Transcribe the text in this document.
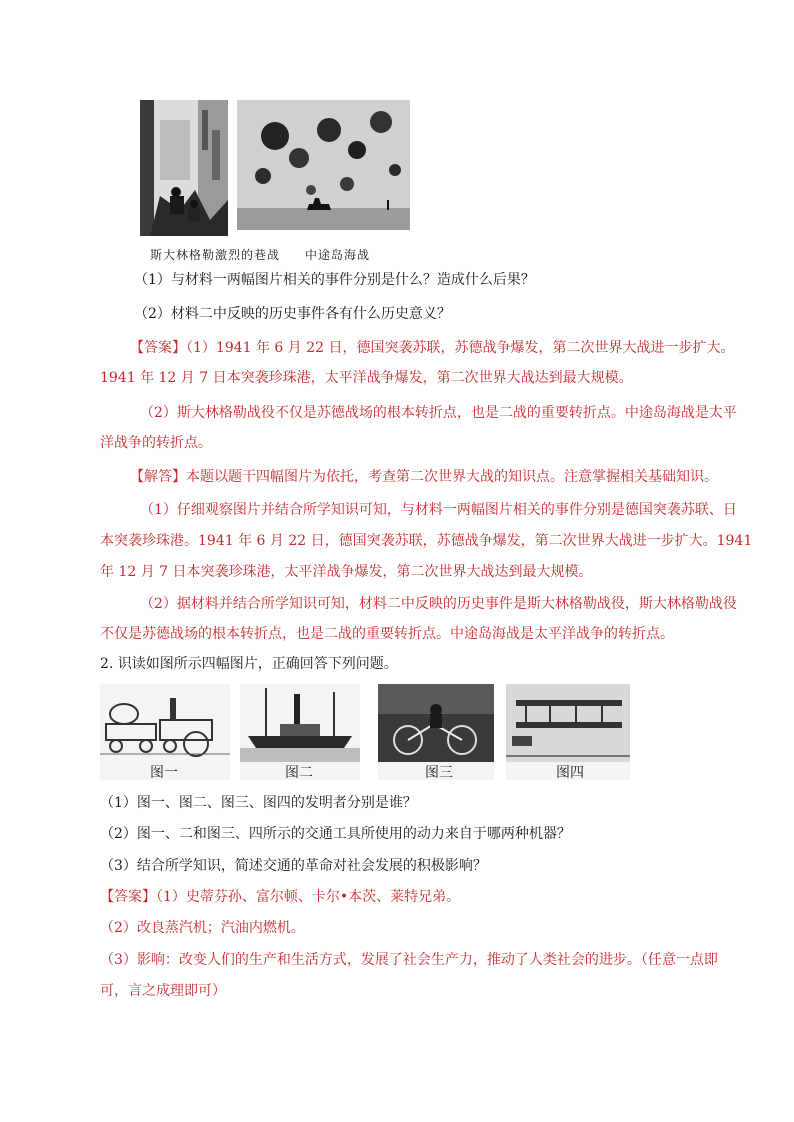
斯大林格勒激烈的巷战 中途岛海战
（1）与材料一两幅图片相关的事件分别是什么？造成什么后果？
（2）材料二中反映的历史事件各有什么历史意义？
【答案】（1）1941 年 6 月 22 日，德国突袭苏联，苏德战争爆发，第二次世界大战进一步扩大。
1941 年 12 月 7 日本突袭珍珠港，太平洋战争爆发，第二次世界大战达到最大规模。
（2）斯大林格勒战役不仅是苏德战场的根本转折点，也是二战的重要转折点。中途岛海战是太平
洋战争的转折点。
【解答】本题以题干四幅图片为依托，考查第二次世界大战的知识点。注意掌握相关基础知识。
（1）仔细观察图片并结合所学知识可知，与材料一两幅图片相关的事件分别是德国突袭苏联、日
本突袭珍珠港。1941 年 6 月 22 日，德国突袭苏联，苏德战争爆发，第二次世界大战进一步扩大。1941
年 12 月 7 日本突袭珍珠港，太平洋战争爆发，第二次世界大战达到最大规模。
（2）据材料并结合所学知识可知，材料二中反映的历史事件是斯大林格勒战役，斯大林格勒战役
不仅是苏德战场的根本转折点，也是二战的重要转折点。中途岛海战是太平洋战争的转折点。
2. 识读如图所示四幅图片，正确回答下列问题。
图一	图二	图三	图四
（1）图一、图二、图三、图四的发明者分别是谁？
（2）图一、二和图三、四所示的交通工具所使用的动力来自于哪两种机器？
（3）结合所学知识，简述交通的革命对社会发展的积极影响？
【答案】（1）史蒂芬孙、富尔顿、卡尔•本茨、莱特兄弟。
（2）改良蒸汽机；汽油内燃机。
（3）影响：改变人们的生产和生活方式，发展了社会生产力，推动了人类社会的进步。（任意一点即
可，言之成理即可）
